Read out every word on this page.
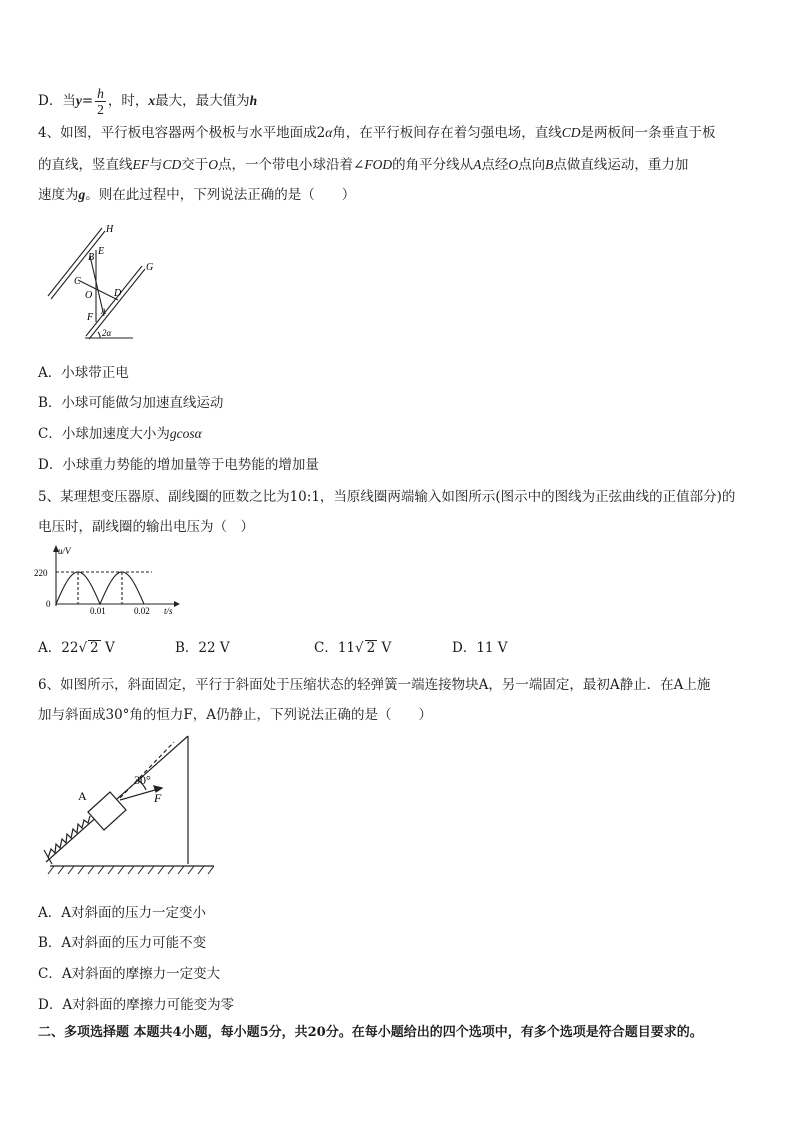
D．当$y= \frac{h}{2}$ ，时，x最大，最大值为h
4、如图，平行板电容器两个极板与水平地面成2α角，在平行板间存在着匀强电场，直线CD是两板间一条垂直于板
的直线，竖直线EF与CD交于O点，一个带电小球沿着∠FOD的角平分线从A点经O点向B点做直线运动，重力加
速度为g。则在此过程中，下列说法正确的是（　　）
H
G
B
E
C
O D
F
A
2α
A．小球带正电
B．小球可能做匀加速直线运动
C．小球加速度大小为gcosα
D．小球重力势能的增加量等于电势能的增加量
5、某理想变压器原、副线圈的匝数之比为10:1，当原线圈两端输入如图所示(图示中的图线为正弦曲线的正值部分)的
电压时，副线圈的输出电压为（　）
u/V
220
0
0.01	0.02 t/s
A．22√ 2 V	B．22 V	C．11√ 2 V	D．11 V
6、如图所示，斜面固定，平行于斜面处于压缩状态的轻弹簧一端连接物块A，另一端固定，最初A静止．在A上施
加与斜面成30°角的恒力F，A仍静止，下列说法正确的是（　　）
A
30°
F
A．A对斜面的压力一定变小
B．A对斜面的压力可能不变
C．A对斜面的摩擦力一定变大
D．A对斜面的摩擦力可能变为零
二、多项选择题 本题共4小题，每小题5分，共20分。在每小题给出的四个选项中，有多个选项是符合题目要求的。
